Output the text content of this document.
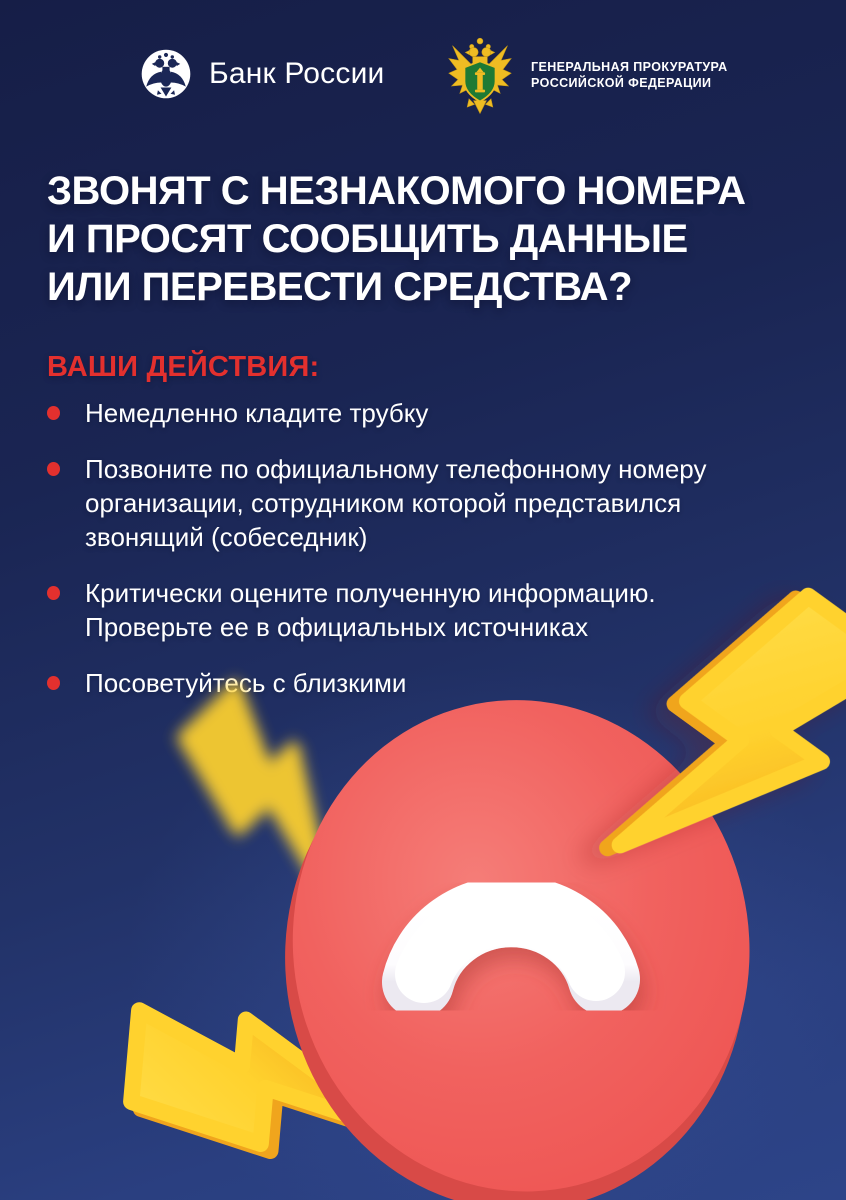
Банк России	ГЕНЕРАЛЬНАЯ ПРОКУРАТУРА
РОССИЙСКОЙ ФЕДЕРАЦИИ
ЗВОНЯТ С НЕЗНАКОМОГО НОМЕРА
И ПРОСЯТ СООБЩИТЬ ДАННЫЕ
ИЛИ ПЕРЕВЕСТИ СРЕДСТВА?
ВАШИ ДЕЙСТВИЯ:
Немедленно кладите трубку
Позвоните по официальному телефонному номеру организации, сотрудником которой представился звонящий (собеседник)
Критически оцените полученную информацию. Проверьте ее в официальных источниках
Посоветуйтесь с близкими
